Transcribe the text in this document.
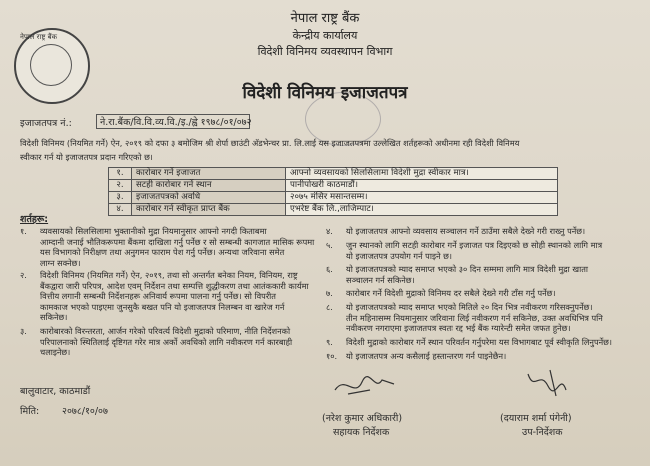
नेपाल राष्ट्र बैंक
नेपाल राष्ट्र बैंक
केन्द्रीय कार्यालय
विदेशी विनिमय व्यवस्थापन विभाग
विदेशी विनिमय इजाजतपत्र
इजाजतपत्र नं.:	ने.रा.बैंक/वि.वि.व्य.वि./इ./ह्वे १९७८/०१/०७२
विदेशी विनिमय (नियमित गर्ने) ऐन, २०१९ को दफा ३ बमोजिम श्री शेर्पा छाउंटी अ‍ॅडभेन्चर प्रा. लि.लाई यस इजाजतपत्रमा उल्लेखित शर्तहरूको अधीनमा रही विदेशी विनिमय
स्वीकार गर्न यो इजाजतपत्र प्रदान गरिएको छ।
१.	कारोबार गर्ने इजाजत	आफ्नो व्यवसायको सिलसिलामा विदेशी मुद्रा स्वीकार मात्र।
२.	सटही कारोबार गर्ने स्थान	पानीपोखरी काठमाडौं।
३.	इजाजतपत्रको अवधि	२०७५ मंसिर मसान्तसम्म।
४.	कारोबार गर्न स्वीकृत प्राप्त बैंक	एभरेष्ट बैंक लि.,लाजिम्पाट।
शर्तहरू:
१. व्यवसायको सिलसिलामा भुक्तानीको मुद्रा नियमानुसार आफ्नो नगदी किताबमा
आम्दानी जनाई भौतिकरूपमा बैंकमा दाखिला गर्नु पर्नेछ र सो सम्बन्धी कागजात मासिक रूपमा
यस विभागको निरीक्षण तथा अनुगमन फाराम पेश गर्नु पर्नेछ। अन्यथा जरिवाना समेत
लाग्न सक्नेछ।
२. विदेशी विनिमय (नियमित गर्ने) ऐन, २०१९, तथा सो अन्तर्गत बनेका नियम, विनियम, राष्ट्र
बैंकद्वारा जारी परिपत्र, आदेश एवम् निर्देशन तथा सम्पत्ति शुद्धीकरण तथा आतंककारी कार्यमा
वित्तीय लगानी सम्बन्धी निर्देशनहरू अनिवार्य रूपमा पालना गर्नु पर्नेछ। सो विपरीत
कामकाज भएको पाइएमा जुनसुकै बखत पनि यो इजाजतपत्र निलम्बन वा खारेज गर्न
सकिनेछ।
३. कारोबारको विरन्तरता, आर्जन गरेको परिवर्त्य विदेशी मुद्राको परिमाण, नीति निर्देशनको
परिपालनाको स्थितिलाई दृष्टिगत गरेर मात्र अर्को अवधिको लागि नवीकरण गर्न कारबाही
चलाइनेछ।
४. यो इजाजतपत्र आफ्नो व्यवसाय सञ्चालन गर्ने ठाउँमा सबैले देख्ने गरी राख्नु पर्नेछ।
५. जुन स्थानको लागि सटही कारोबार गर्ने इजाजत पत्र दिइएको छ सोही स्थानको लागि मात्र
यो इजाजतपत्र उपयोग गर्न पाइने छ।
६. यो इजाजतपत्रको म्याद समाप्त भएको ३० दिन सम्ममा लागि मात्र विदेशी मुद्रा खाता
सञ्चालन गर्न सकिनेछ।
७. कारोबार गर्ने विदेशी मुद्राको विनिमय दर सबैले देख्ने गरी टाँस गर्नु पर्नेछ।
८. यो इजाजतपत्रको म्याद समाप्त भएको मितिले २० दिन भित्र नवीकरण गरिसक्नुपर्नेछ।
तीन महिनासम्म नियमानुसार जरिवाना लिई नवीकरण गर्न सकिनेछ, उक्त अवधिभित्र पनि
नवीकरण नगराएमा इजाजतपत्र स्वतः रद्द भई बैंक ग्यारेन्टी समेत जफत हुनेछ।
९. विदेशी मुद्राको कारोबार गर्ने स्थान परिवर्तन गर्नुपरेमा यस विभागबाट पूर्व स्वीकृति लिनुपर्नेछ।
१०. यो इजाजतपत्र अन्य कसैलाई हस्तान्तरण गर्न पाइनेछैन।
बालुवाटार, काठमाडौं
मिति: २०७८/१०/०७
(नरेश कुमार अधिकारी)
सहायक निर्देशक
(दयाराम शर्मा पंगेनी)
उप-निर्देशक
